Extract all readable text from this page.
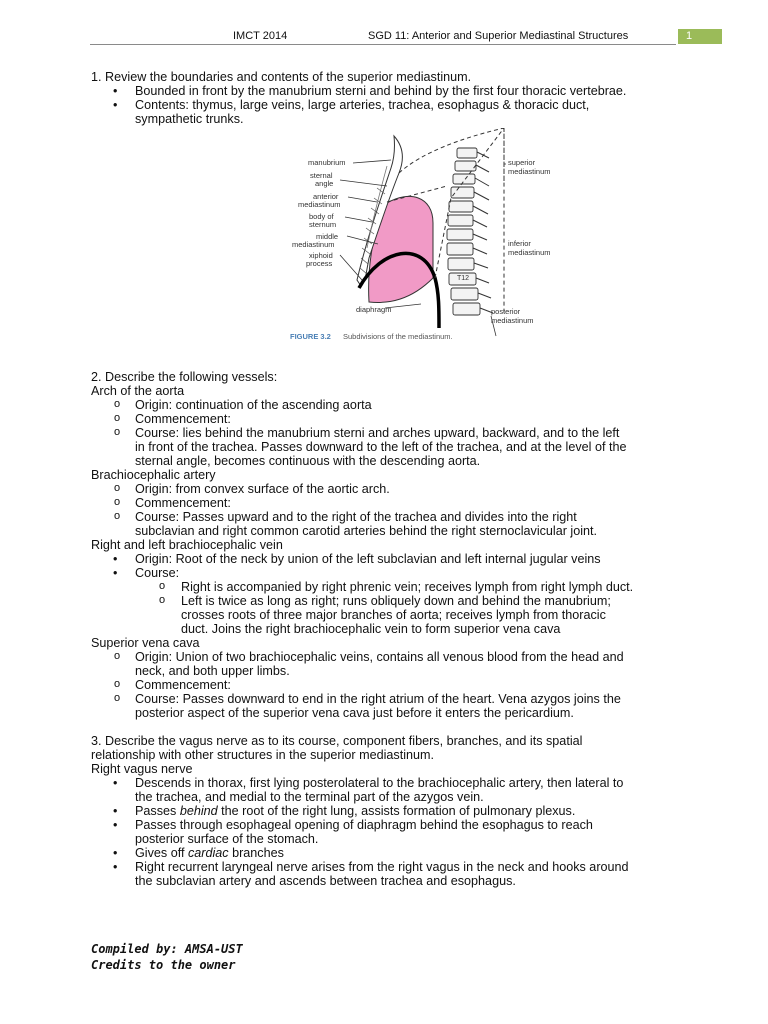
IMCT 2014	SGD 11: Anterior and Superior Mediastinal Structures	1

1. Review the boundaries and contents of the superior mediastinum.

• Bounded in front by the manubrium sterni and behind by the first four thoracic vertebrae.
• Contents: thymus, large veins, large arteries, trachea, esophagus & thoracic duct,
sympathetic trunks.
manubrium
sternal
angle
anterior
mediastinum
body of
sternum
middle
mediastinum
xiphoid
process
diaphragm
superior
mediastinum
inferior
mediastinum
posterior
mediastinum
T12
FIGURE 3.2 Subdivisions of the mediastinum.

2. Describe the following vessels:

Arch of the aorta

o Origin: continuation of the ascending aorta
o Commencement:
o Course: lies behind the manubrium sterni and arches upward, backward, and to the left
in front of the trachea. Passes downward to the left of the trachea, and at the level of the
sternal angle, becomes continuous with the descending aorta.

Brachiocephalic artery

o Origin: from convex surface of the aortic arch.
o Commencement:
o Course: Passes upward and to the right of the trachea and divides into the right
subclavian and right common carotid arteries behind the right sternoclavicular joint.

Right and left brachiocephalic vein

• Origin: Root of the neck by union of the left subclavian and left internal jugular veins
• Course:
o Right is accompanied by right phrenic vein; receives lymph from right lymph duct.
o Left is twice as long as right; runs obliquely down and behind the manubrium;
crosses roots of three major branches of aorta; receives lymph from thoracic
duct. Joins the right brachiocephalic vein to form superior vena cava

Superior vena cava

o Origin: Union of two brachiocephalic veins, contains all venous blood from the head and
neck, and both upper limbs.
o Commencement:
o Course: Passes downward to end in the right atrium of the heart. Vena azygos joins the
posterior aspect of the superior vena cava just before it enters the pericardium.

3. Describe the vagus nerve as to its course, component fibers, branches, and its spatial
relationship with other structures in the superior mediastinum.

Right vagus nerve

• Descends in thorax, first lying posterolateral to the brachiocephalic artery, then lateral to
the trachea, and medial to the terminal part of the azygos vein.
• Passes behind the root of the right lung, assists formation of pulmonary plexus.
• Passes through esophageal opening of diaphragm behind the esophagus to reach
posterior surface of the stomach.
• Gives off cardiac branches
• Right recurrent laryngeal nerve arises from the right vagus in the neck and hooks around
the subclavian artery and ascends between trachea and esophagus.
Compiled by: AMSA-UST
Credits to the owner
